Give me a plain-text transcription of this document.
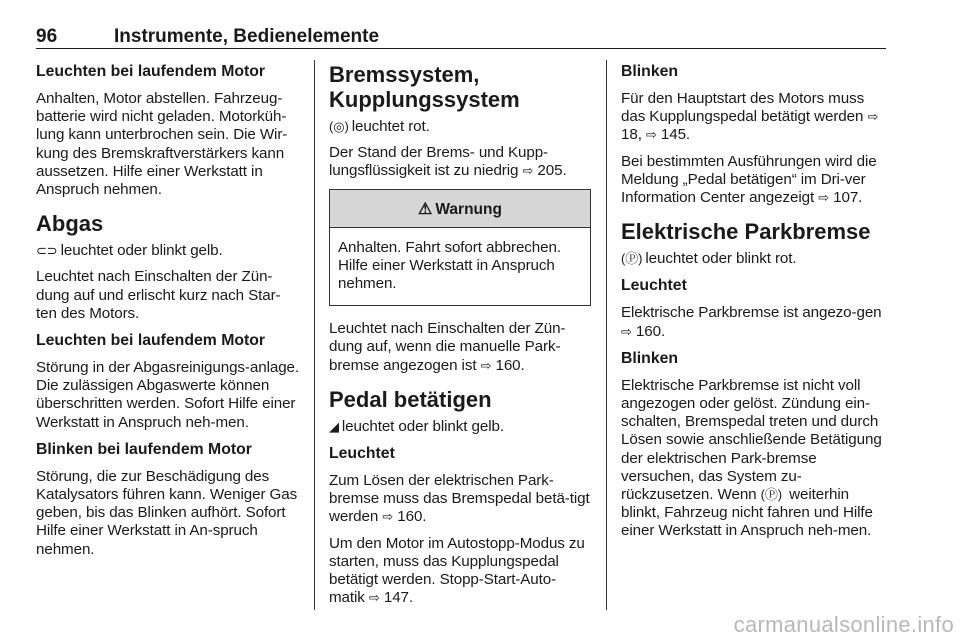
96	Instrumente, Bedienelemente
Leuchten bei laufendem Motor

Anhalten, Motor abstellen. Fahrzeug-batterie wird nicht geladen. Motorküh-lung kann unterbrochen sein. Die Wir-kung des Bremskraftverstärkers kann aussetzen. Hilfe einer Werkstatt in Anspruch nehmen.

Abgas

⊂⊃ leuchtet oder blinkt gelb.

Leuchtet nach Einschalten der Zün-dung auf und erlischt kurz nach Star-ten des Motors.

Leuchten bei laufendem Motor

Störung in der Abgasreinigungs-anlage. Die zulässigen Abgaswerte können überschritten werden. Sofort Hilfe einer Werkstatt in Anspruch neh-men.

Blinken bei laufendem Motor

Störung, die zur Beschädigung des Katalysators führen kann. Weniger Gas geben, bis das Blinken aufhört. Sofort Hilfe einer Werkstatt in An-spruch nehmen.

Bremssystem, Kupplungssystem

(◎) leuchtet rot.

Der Stand der Brems- und Kupp-lungsflüssigkeit ist zu niedrig ⇨ 205.

⚠ Warnung

Anhalten. Fahrt sofort abbrechen. Hilfe einer Werkstatt in Anspruch nehmen.

Leuchtet nach Einschalten der Zün-dung auf, wenn die manuelle Park-bremse angezogen ist ⇨ 160.

Pedal betätigen

◢ leuchtet oder blinkt gelb.

Leuchtet

Zum Lösen der elektrischen Park-bremse muss das Bremspedal betä-tigt werden ⇨ 160.

Um den Motor im Autostopp-Modus zu starten, muss das Kupplungspedal betätigt werden. Stopp-Start-Auto-matik ⇨ 147.

Blinken

Für den Hauptstart des Motors muss das Kupplungspedal betätigt werden ⇨ 18, ⇨ 145.

Bei bestimmten Ausführungen wird die Meldung „Pedal betätigen“ im Dri-ver Information Center angezeigt ⇨ 107.

Elektrische Parkbremse

(Ⓟ) leuchtet oder blinkt rot.

Leuchtet

Elektrische Parkbremse ist angezo-gen ⇨ 160.

Blinken

Elektrische Parkbremse ist nicht voll angezogen oder gelöst. Zündung ein-schalten, Bremspedal treten und durch Lösen sowie anschließende Betätigung der elektrischen Park-bremse versuchen, das System zu-rückzusetzen. Wenn (Ⓟ) weiterhin blinkt, Fahrzeug nicht fahren und Hilfe einer Werkstatt in Anspruch neh-men.

carmanualsonline.info
